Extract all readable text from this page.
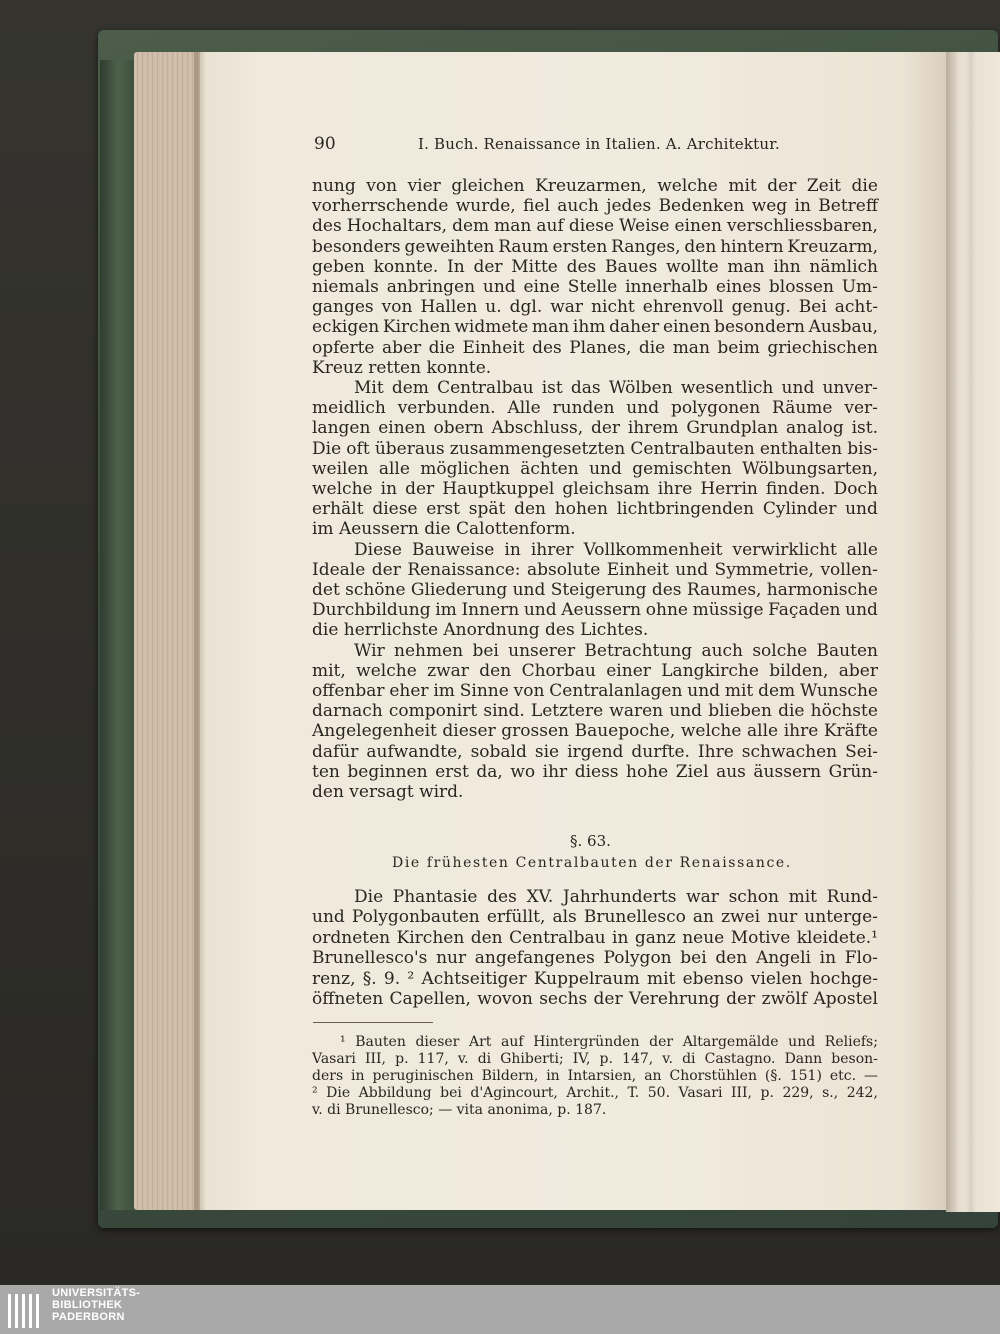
90	I. Buch. Renaissance in Italien. A. Architektur.
nung von vier gleichen Kreuzarmen, welche mit der Zeit die
vorherrschende wurde, fiel auch jedes Bedenken weg in Betreff
des Hochaltars, dem man auf diese Weise einen verschliessbaren,
besonders geweihten Raum ersten Ranges, den hintern Kreuzarm,
geben konnte. In der Mitte des Baues wollte man ihn nämlich
niemals anbringen und eine Stelle innerhalb eines blossen Um-
ganges von Hallen u. dgl. war nicht ehrenvoll genug. Bei acht-
eckigen Kirchen widmete man ihm daher einen besondern Ausbau,
opferte aber die Einheit des Planes, die man beim griechischen
Kreuz retten konnte.
Mit dem Centralbau ist das Wölben wesentlich und unver-
meidlich verbunden. Alle runden und polygonen Räume ver-
langen einen obern Abschluss, der ihrem Grundplan analog ist.
Die oft überaus zusammengesetzten Centralbauten enthalten bis-
weilen alle möglichen ächten und gemischten Wölbungsarten,
welche in der Hauptkuppel gleichsam ihre Herrin finden. Doch
erhält diese erst spät den hohen lichtbringenden Cylinder und
im Aeussern die Calottenform.
Diese Bauweise in ihrer Vollkommenheit verwirklicht alle
Ideale der Renaissance: absolute Einheit und Symmetrie, vollen-
det schöne Gliederung und Steigerung des Raumes, harmonische
Durchbildung im Innern und Aeussern ohne müssige Façaden und
die herrlichste Anordnung des Lichtes.
Wir nehmen bei unserer Betrachtung auch solche Bauten
mit, welche zwar den Chorbau einer Langkirche bilden, aber
offenbar eher im Sinne von Centralanlagen und mit dem Wunsche
darnach componirt sind. Letztere waren und blieben die höchste
Angelegenheit dieser grossen Bauepoche, welche alle ihre Kräfte
dafür aufwandte, sobald sie irgend durfte. Ihre schwachen Sei-
ten beginnen erst da, wo ihr diess hohe Ziel aus äussern Grün-
den versagt wird.
§. 63.
Die frühesten Centralbauten der Renaissance.
Die Phantasie des XV. Jahrhunderts war schon mit Rund-
und Polygonbauten erfüllt, als Brunellesco an zwei nur unterge-
ordneten Kirchen den Centralbau in ganz neue Motive kleidete.¹
Brunellesco's nur angefangenes Polygon bei den Angeli in Flo-
renz, §. 9. ² Achtseitiger Kuppelraum mit ebenso vielen hochge-
öffneten Capellen, wovon sechs der Verehrung der zwölf Apostel
¹ Bauten dieser Art auf Hintergründen der Altargemälde und Reliefs;
Vasari III, p. 117, v. di Ghiberti; IV, p. 147, v. di Castagno. Dann beson-
ders in peruginischen Bildern, in Intarsien, an Chorstühlen (§. 151) etc. —
² Die Abbildung bei d'Agincourt, Archit., T. 50. Vasari III, p. 229, s., 242,
v. di Brunellesco; — vita anonima, p. 187.
UNIVERSITÄTS-
BIBLIOTHEK
PADERBORN
